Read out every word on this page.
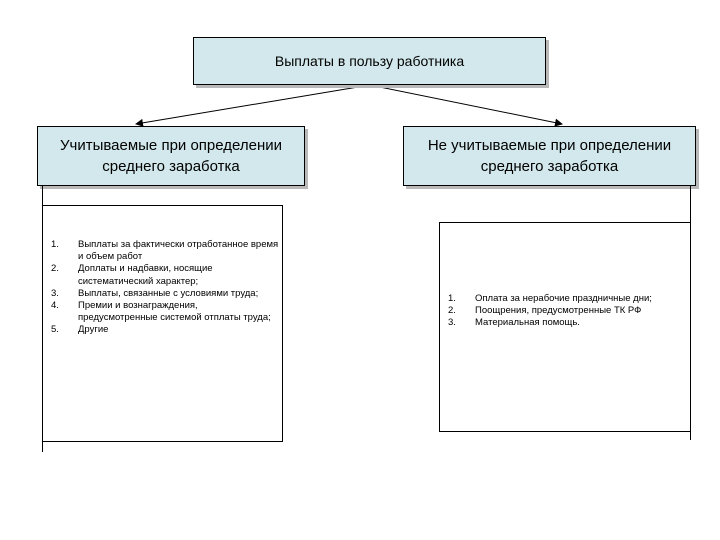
Выплаты в пользу работника
Учитываемые при определении среднего заработка
Не учитываемые при определении среднего заработка
1.	Выплаты за фактически отработанное время и объем работ
2.	Доплаты и надбавки, носящие систематический характер;
3.	Выплаты, связанные с условиями труда;
4.	Премии и вознаграждения, предусмотренные системой отплаты труда;
5.	Другие
1.	Оплата за нерабочие праздничные дни;
2.	Поощрения, предусмотренные ТК РФ
3.	Материальная помощь.
